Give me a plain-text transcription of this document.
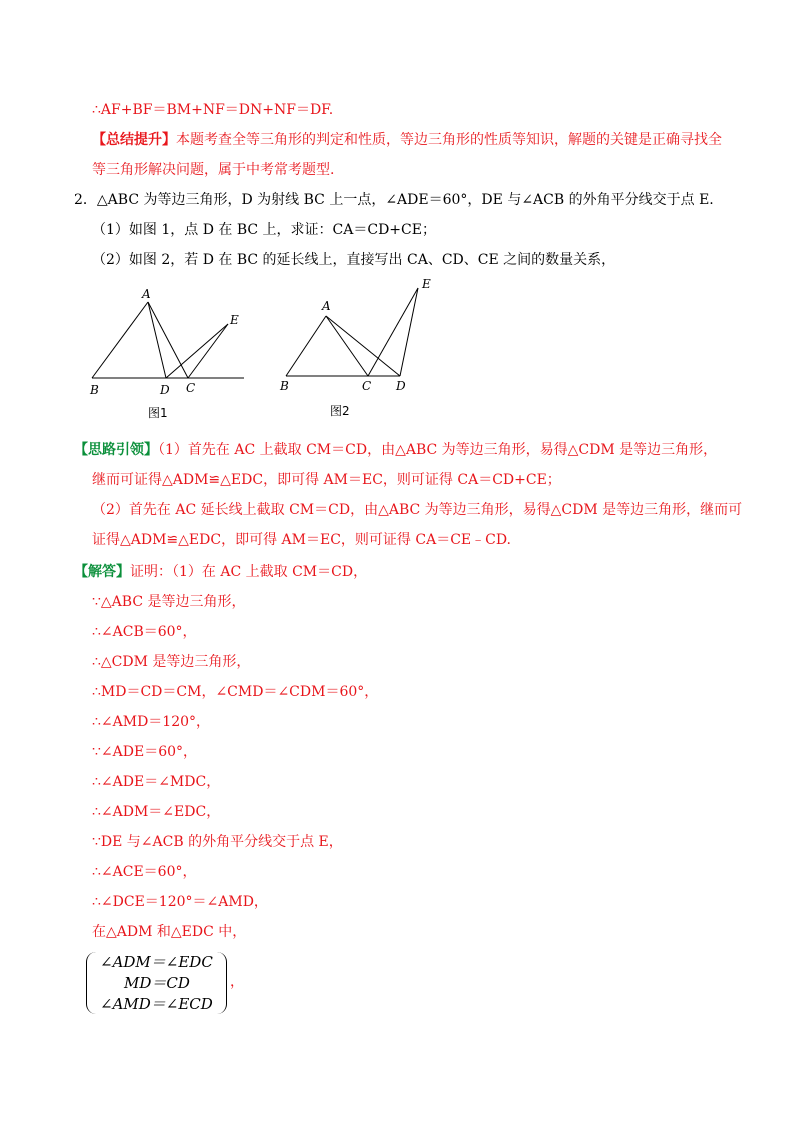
∴AF+BF＝BM+NF＝DN+NF＝DF.
【总结提升】本题考查全等三角形的判定和性质，等边三角形的性质等知识，解题的关键是正确寻找全
等三角形解决问题，属于中考常考题型.
2．△ABC 为等边三角形，D 为射线 BC 上一点，∠ADE＝60°，DE 与∠ACB 的外角平分线交于点 E.
（1）如图 1，点 D 在 BC 上，求证：CA＝CD+CE；
（2）如图 2，若 D 在 BC 的延长线上，直接写出 CA、CD、CE 之间的数量关系，
A
B	D C
E
图1
A
B	C D
E
图2
【思路引领】（1）首先在 AC 上截取 CM＝CD，由△ABC 为等边三角形，易得△CDM 是等边三角形，
继而可证得△ADM≌△EDC，即可得 AM＝EC，则可证得 CA＝CD+CE；
（2）首先在 AC 延长线上截取 CM＝CD，由△ABC 为等边三角形，易得△CDM 是等边三角形，继而可
证得△ADM≌△EDC，即可得 AM＝EC，则可证得 CA＝CE﹣CD.
【解答】证明：（1）在 AC 上截取 CM＝CD，
∵△ABC 是等边三角形，
∴∠ACB＝60°，
∴△CDM 是等边三角形，
∴MD＝CD＝CM，∠CMD＝∠CDM＝60°，
∴∠AMD＝120°，
∵∠ADE＝60°，
∴∠ADE＝∠MDC，
∴∠ADM＝∠EDC，
∵DE 与∠ACB 的外角平分线交于点 E，
∴∠ACE＝60°，
∴∠DCE＝120°＝∠AMD，
在△ADM 和△EDC 中，
∠ADM＝∠EDC
MD＝CD
∠AMD＝∠ECD
，
